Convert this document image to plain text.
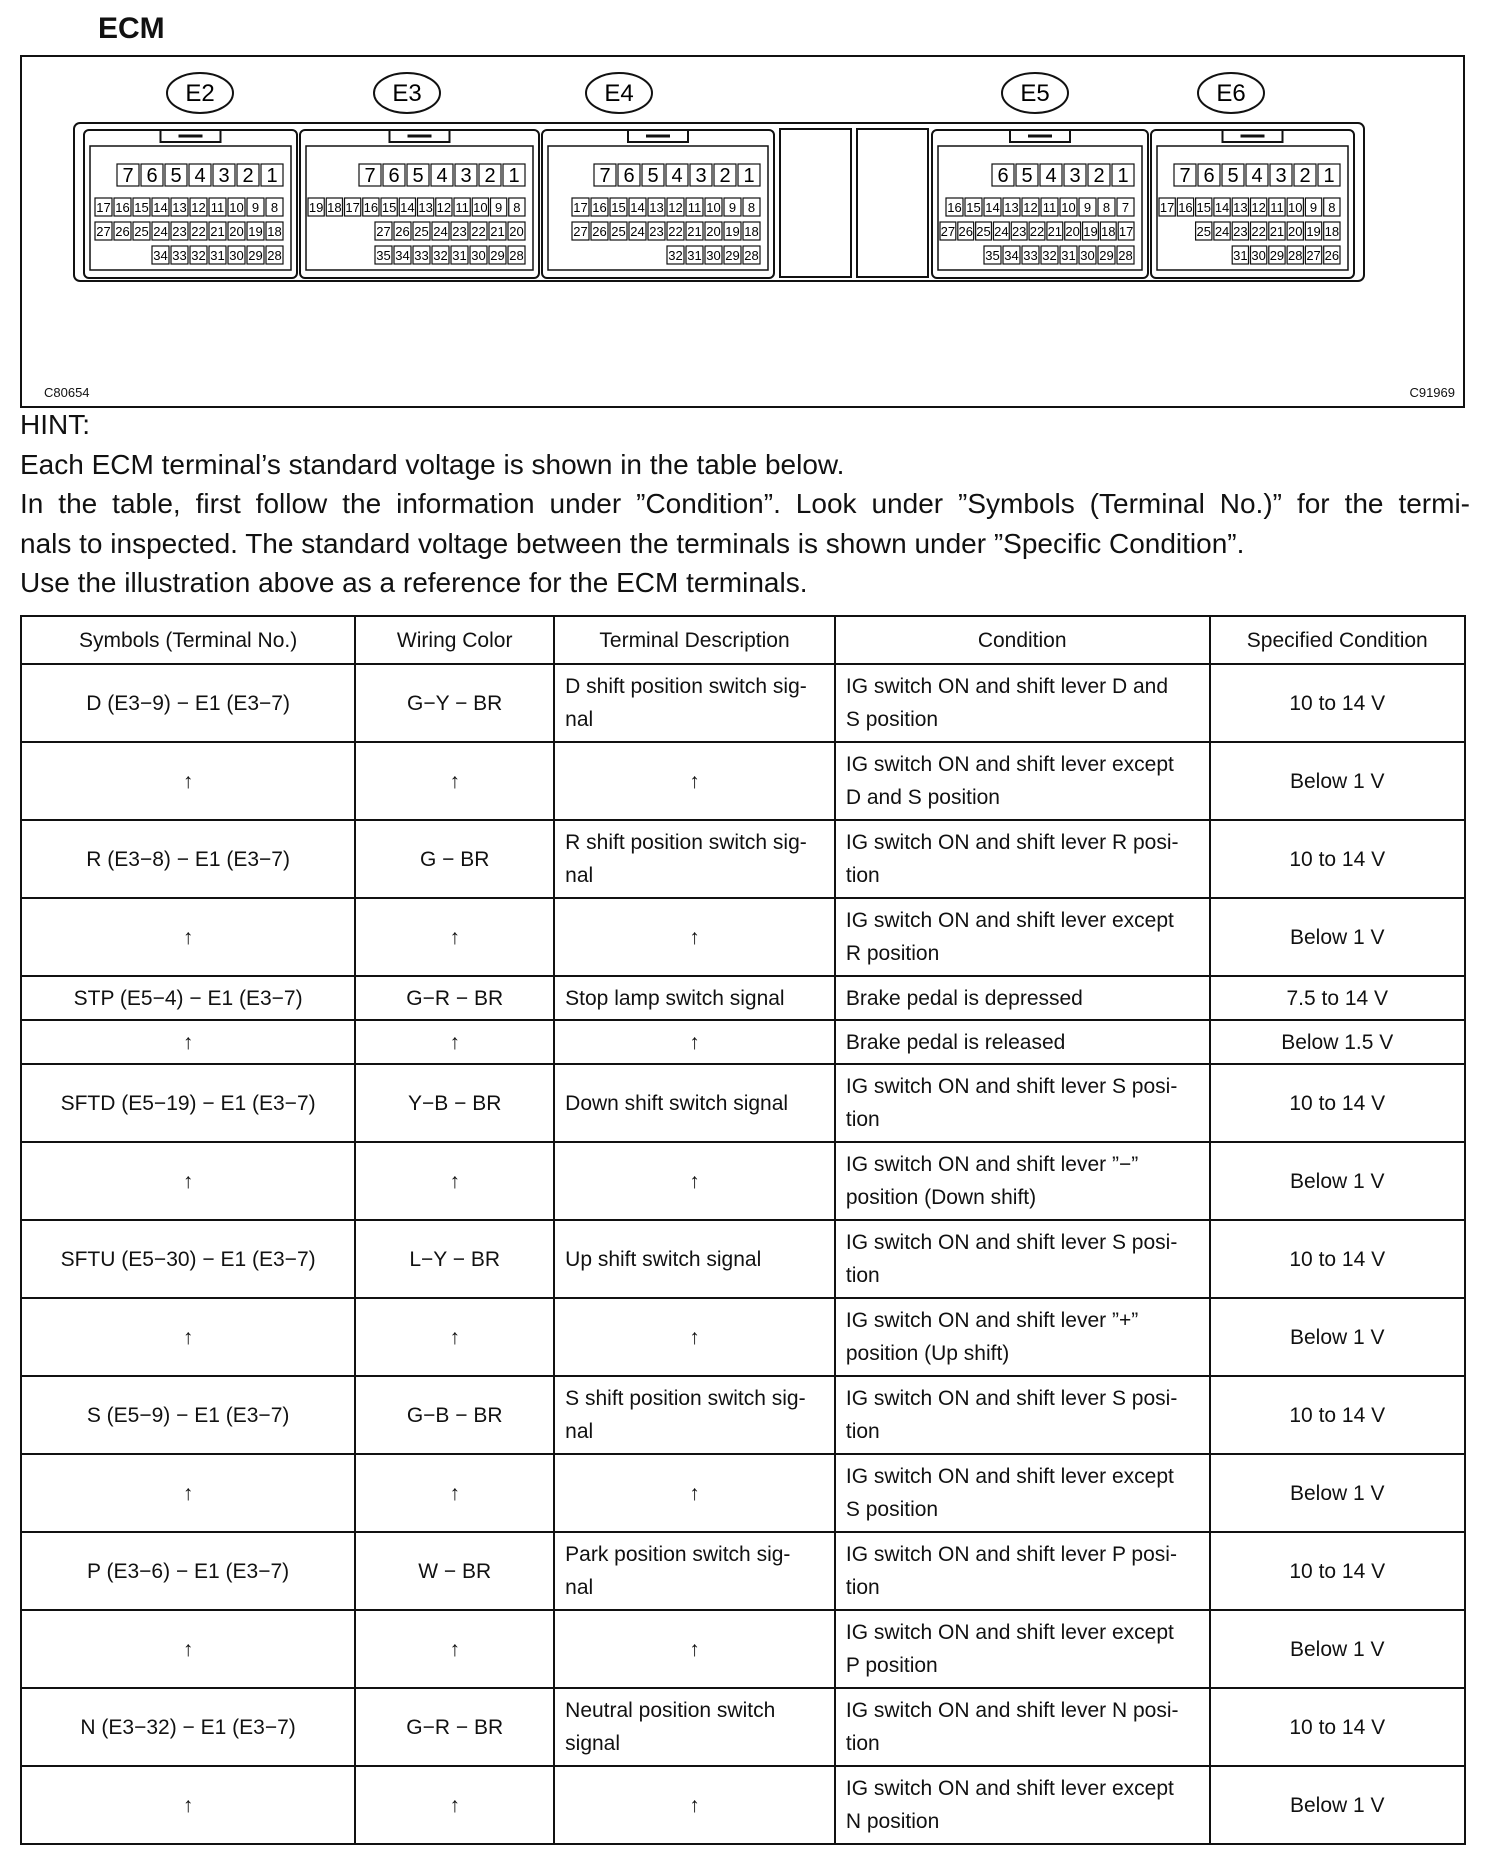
ECM
E2
7 6 5 4 3 2 1
17 16 15 14 13 12 11 10 9 8
27 26 25 24 23 22 21 20 19 18
34 33 32 31 30 29 28
E3
7 6 5 4 3 2 1
19 18 17 16 15 14 13 12 11 10 9 8
27 26 25 24 23 22 21 20
35 34 33 32 31 30 29 28
E4
7 6 5 4 3 2 1
17 16 15 14 13 12 11 10 9 8
27 26 25 24 23 22 21 20 19 18
32 31 30 29 28
E5
6 5 4 3 2 1
16 15 14 13 12 11 10 9 8 7
27 26 25 24 23 22 21 20 19 18 17
35 34 33 32 31 30 29 28
E6
7 6 5 4 3 2 1
17 16 15 14 13 12 11 10 9 8
25 24 23 22 21 20 19 18
31 30 29 28 27 26
C80654	C91969

HINT:

Each ECM terminal’s standard voltage is shown in the table below.

In the table, first follow the information under ”Condition”. Look under ”Symbols (Terminal No.)” for the termi-

nals to inspected. The standard voltage between the terminals is shown under ”Specific Condition”.

Use the illustration above as a reference for the ECM terminals.

Symbols (Terminal No.)	Wiring Color	Terminal Description	Condition	Specified Condition
D (E3−9) − E1 (E3−7)	G−Y − BR	D shift position switch sig-
nal	IG switch ON and shift lever D and
S position	10 to 14 V
↑	↑	↑	IG switch ON and shift lever except
D and S position	Below 1 V
R (E3−8) − E1 (E3−7)	G − BR	R shift position switch sig-
nal	IG switch ON and shift lever R posi-
tion	10 to 14 V
↑	↑	↑	IG switch ON and shift lever except
R position	Below 1 V
STP (E5−4) − E1 (E3−7)	G−R − BR	Stop lamp switch signal	Brake pedal is depressed	7.5 to 14 V
↑	↑	↑	Brake pedal is released	Below 1.5 V
SFTD (E5−19) − E1 (E3−7)	Y−B − BR	Down shift switch signal	IG switch ON and shift lever S posi-
tion	10 to 14 V
↑	↑	↑	IG switch ON and shift lever ”−”
position (Down shift)	Below 1 V
SFTU (E5−30) − E1 (E3−7)	L−Y − BR	Up shift switch signal	IG switch ON and shift lever S posi-
tion	10 to 14 V
↑	↑	↑	IG switch ON and shift lever ”+”
position (Up shift)	Below 1 V
S (E5−9) − E1 (E3−7)	G−B − BR	S shift position switch sig-
nal	IG switch ON and shift lever S posi-
tion	10 to 14 V
↑	↑	↑	IG switch ON and shift lever except
S position	Below 1 V
P (E3−6) − E1 (E3−7)	W − BR	Park position switch sig-
nal	IG switch ON and shift lever P posi-
tion	10 to 14 V
↑	↑	↑	IG switch ON and shift lever except
P position	Below 1 V
N (E3−32) − E1 (E3−7)	G−R − BR	Neutral position switch
signal	IG switch ON and shift lever N posi-
tion	10 to 14 V
↑	↑	↑	IG switch ON and shift lever except
N position	Below 1 V
